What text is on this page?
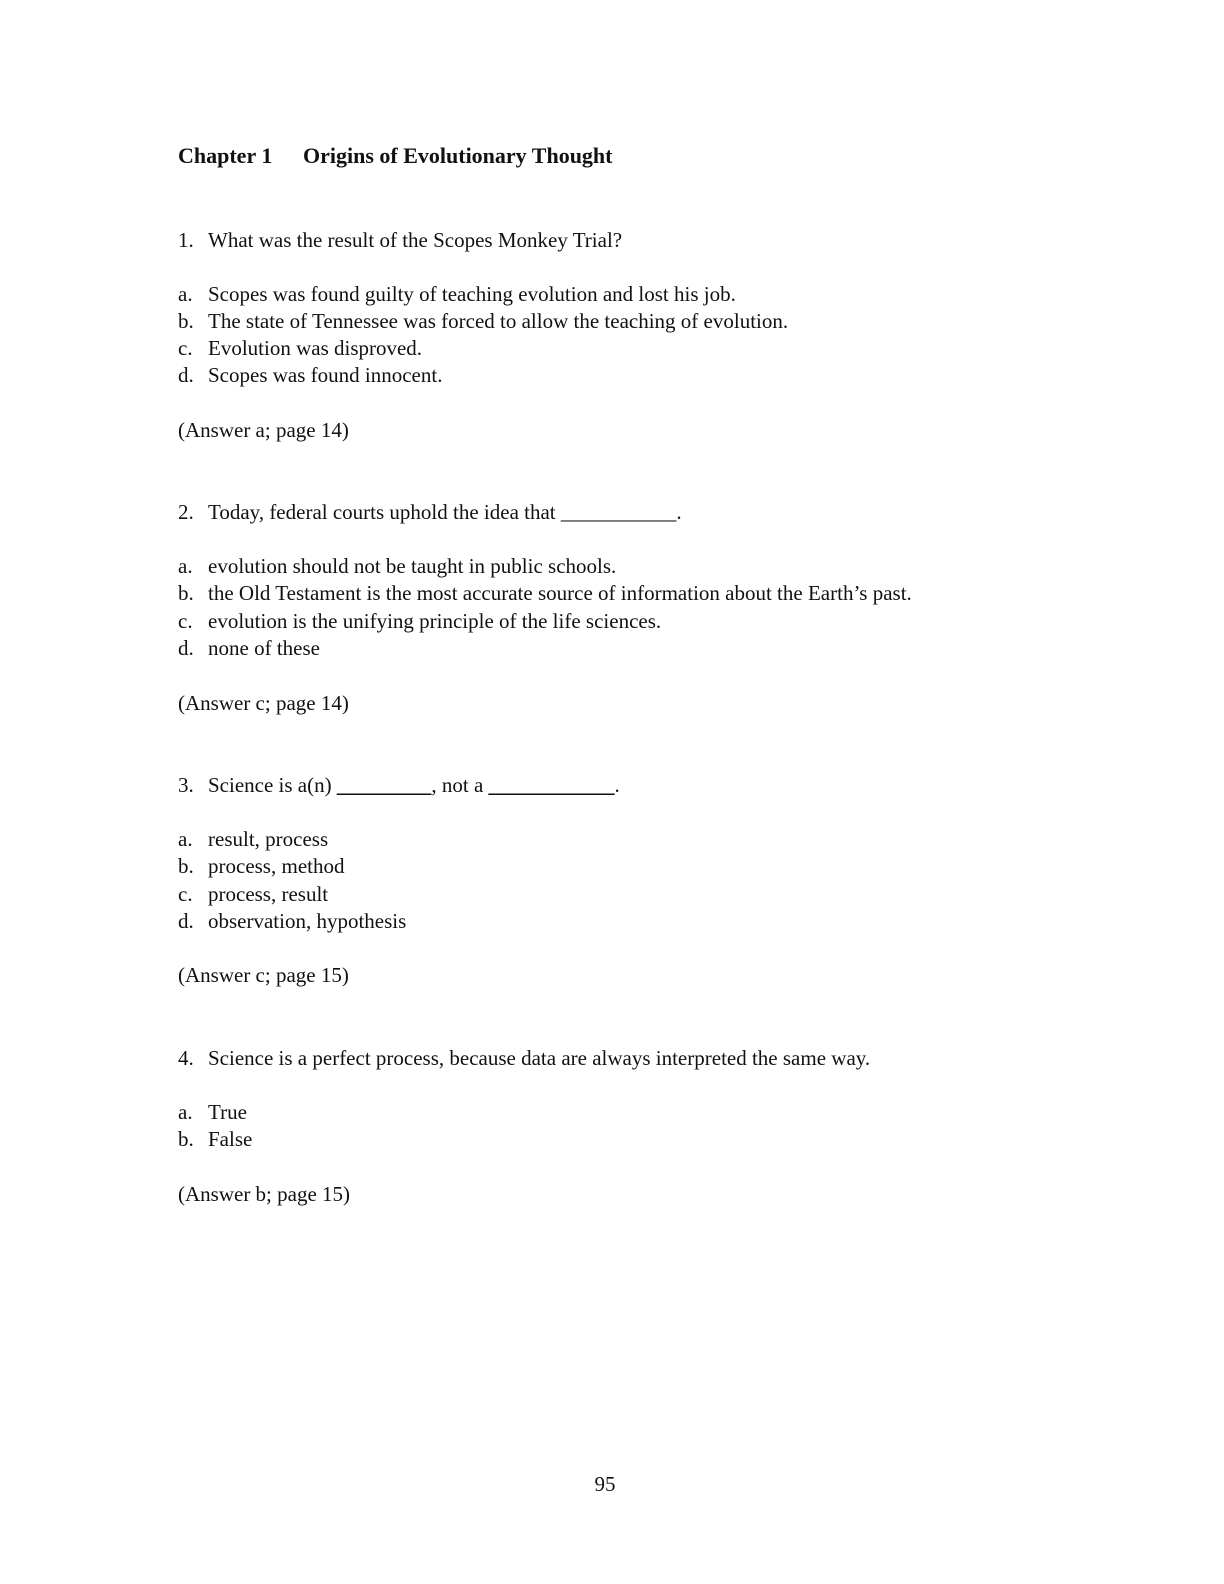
Chapter 1 Origins of Evolutionary Thought
1. What was the result of the Scopes Monkey Trial?
a. Scopes was found guilty of teaching evolution and lost his job.
b. The state of Tennessee was forced to allow the teaching of evolution.
c. Evolution was disproved.
d. Scopes was found innocent.
(Answer a; page 14)
2. Today, federal courts uphold the idea that ___________.
a. evolution should not be taught in public schools.
b. the Old Testament is the most accurate source of information about the Earth’s past.
c. evolution is the unifying principle of the life sciences.
d. none of these
(Answer c; page 14)
3. Science is a(n) _________, not a ____________.
a. result, process
b. process, method
c. process, result
d. observation, hypothesis
(Answer c; page 15)
4. Science is a perfect process, because data are always interpreted the same way.
a. True
b. False
(Answer b; page 15)
95
